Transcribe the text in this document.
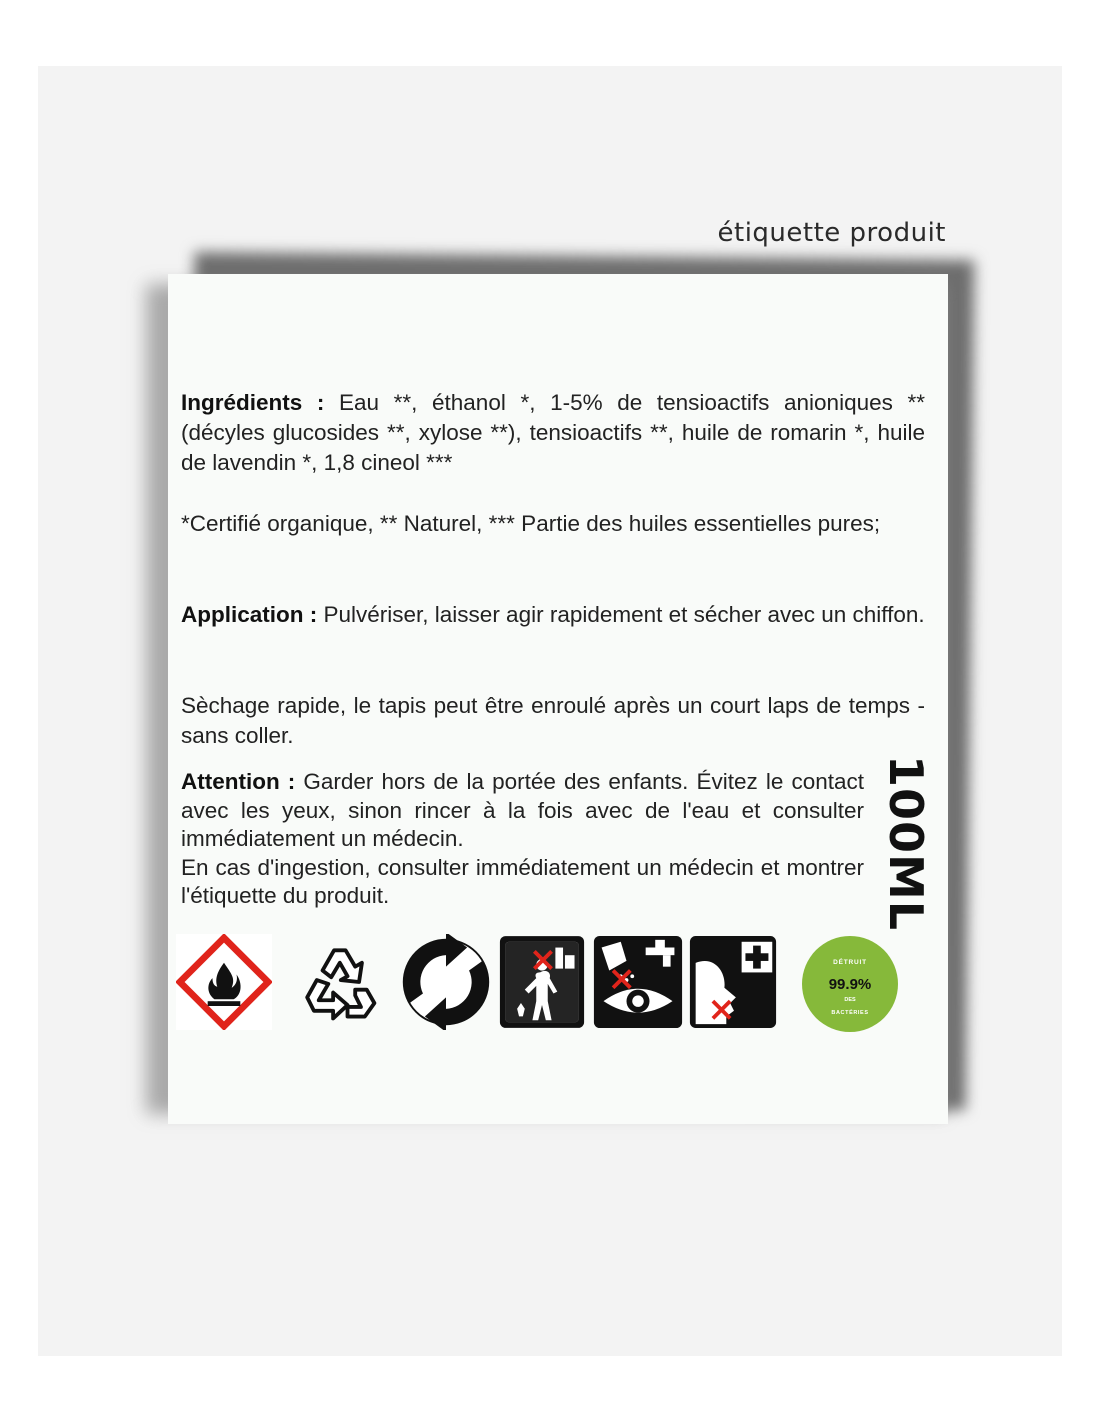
étiquette produit
Ingrédients : Eau **, éthanol *, 1-5% de tensioactifs anioniques ** (décyles glucosides **, xylose **), tensioactifs **, huile de romarin *, huile de lavendin *, 1,8 cineol ***
*Certifié organique, ** Naturel, *** Partie des huiles essentielles pures;
Application : Pulvériser, laisser agir rapidement et sécher avec un chiffon.
Sèchage rapide, le tapis peut être enroulé après un court laps de temps - sans coller.
Attention : Garder hors de la portée des enfants. Évitez le contact avec les yeux, sinon rincer à la fois avec de l'eau et consulter immédiatement un médecin.
En cas d'ingestion, consulter immédiatement un médecin et montrer l'étiquette du produit.	100ML
DÉTRUIT
99.9%
DES
BACTÉRIES
